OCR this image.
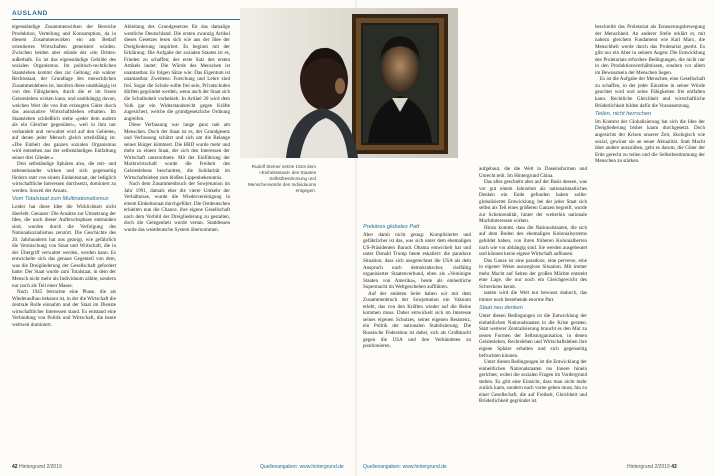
AUSLAND

eigenständige Zusammenwirken der Bereiche Produktion, Verteilung und Konsumption, da in diesem Zusammenwirken ein am Bedarf orientiertes Wirtschaften gemeistert würden. Zwischen beiden aber stünde der ›ein Dritter‹ außerhalb. Es ist das eigenständige Gebilde des sozialen Organismus. Im politisch-rechtlichen Staatsleben kommt dies zur Geltung; ein wahrer Rechtsstaat, der Grundlage des menschlichen Zusammenlebens ist, insofern diese unabhängig ist von den Fähigkeiten, durch die er im freien Geistesleben wirken kann, und unabhängig davon, welchen Wert die von ihm erzeugten Güter durch das assoziative Wirtschaftsleben erhalten. Im Staatsleben schließlich stehe »jeder dem andern als ein Gleicher gegenüber«, weil in ihm nur verhandelt und verwaltet wird auf den Gebieten, auf denen jeder Mensch gleich urteilsfähig ist. »Die Einheit des ganzen sozialen Organismus wird entstehen aus der selbstständigen Entfaltung seiner drei Glieder.«

Drei selbständige Sphären also, die mit- und nebeneinander wirken und sich gegenseitig fördern statt von einem Einheitsstaat, der lediglich wirtschaftliche Interessen durchsetzt, dominiert zu werden. Soweit der Ansatz.

Vom Totalstaat zum Multinationalismus

Leider hat diese Idee die Wirklichkeit nicht überlebt. Genauer: Die Ansätze zur Umsetzung der Idee, die nach dieser Aufbruchsphase entstanden sind, wurden durch die Verfolgung des Nationalsozialismus zerstört. Die Geschichte des 20. Jahrhunderts hat uns gezeigt, wie gefährlich die Vermischung von Staat und Wirtschaft, die in der Übergriff verwaltet werden, werden kann. Es entwickelte sich das genaue Gegenteil von dem, was die Dreigliederung der Gesellschaft gefordert hatte: Der Staat wurde zum Totalstaat, in dem der Mensch nicht mehr als Individuum zählte, sondern nur noch als Teil einer Masse.

Nach 1945 betrachte eine Phase, die als Wiederaufbau bekannt ist, in der die Wirtschaft die zentrale Rolle einnahm und der Staat im Dienste wirtschaftlicher Interessen stand. Es entstand eine Verbindung von Politik und Wirtschaft, die heute weltweit dominiert.

Ableitung des Grundgesetzes für das damalige westliche Deutschland. Die ersten zwanzig Artikel dieses Gesetzes lesen sich wie aus der Idee der Dreigliederung inspiriert. Es beginnt mit der Erklärung: Die Aufgabe der sozialen Staates ist es, Frieden zu schaffen; der erste Satz des ersten Artikels lautet: Die Würde des Menschen ist unantastbar. Es folgen Sätze wie: Das Eigentum ist unantastbar. Zweitens: Forschung und Lehre sind frei. Sogar die Schule sollte frei sein, Privatschulen dürften gegründet werden, wenn auch der Staat sich die Schulhoheit vorbehielt. In Artikel 20 wird dem Volk gar ein Widerstandsrecht gegen Kräfte zugesichert, welche die grundgesetzliche Ordnung angreifen.

Diese Verfassung war lange ganz nah am Menschen. Doch der Staat ist es, der Grundgesetz und Verfassung schützt und sich um die Belange seiner Bürger kümmert. Die BRD wurde mehr und mehr zu einem Staat, der sich den Interessen der Wirtschaft unterordnete. Mit der Einführung der Marktwirtschaft wurde die Freiheit des Geisteslebens beschnitten, die Solidarität im Wirtschaftsleben zum bloßen Lippenbekenntnis.

Nach dem Zusammenbruch der Sowjetunion im Jahr 1991, damals eher die vierte Umkehr der Verhältnisse, wurde die Wiedervereinigung in einem Einheitsstaat durchgeführt. Die Ostdeutschen erhielten nun die Chance, ihre eigene Gesellschaft nach dem Vorbild der Dreigliederung zu gestalten, doch die Gelegenheit wurde vertan. Stattdessen wurde das westdeutsche System übernommen.

42 Hintergrund 2/2019	Quellenangaben: www.hintergrund.de
Rudolf Steiner setzte 1919 dem »Einheitsstaat« des Staates Selbstbestimmung und Menschenwürde des Individuums entgegen.
Prekäres globales Patt

Aber damit nicht genug: Komplizierter und gefährlicher ist das, was sich unter dem ehemaligen US-Präsidenten Barack Obama entwickelt hat und unter Donald Trump heute eskaliert: die paradoxe Situation, dass sich ausgerechnet die USA als dem Anspruch nach demokratischer, vielfältig organisierter Staatenverbund, eben als »Vereinigte Staaten von Amerika«, heute als einheitliche Supermacht im Weltgeschehen aufführen.

Auf der anderen Seite haben wir mit dem Zusammenbruch der Sowjetunion ein Vakuum erlebt, das von den Kräften wieder auf die Beine kommen muss. Daher entwickelt sich im Interesse seines eigenen Schutzes, seiner eigenen Resistenz, ein Politik der nationalen Stabilisierung. Die Russische Föderation ist dabei, sich als Großmacht gegen die USA und ihre Verbündeten zu positionieren.

aufgebaut, die die Welt in Daseinsformen und Unrecht teilt. Im Hintergrund China.

Das alles geschieht aber auf der Basis dessen, was vor gut einem Jahrzehnt als nationalstaatliches Denken ein Ende gefunden haben sollte: globalisierter Entwicklung, bei der jeder Staat sich selbst als Teil eines größeren Ganzen begreift, wurde zur Scheinrealität, hinter der weiterhin nationale Machtinteressen wirken.

Hinzu kommt, dass die Nationalstaaten, die sich auf dem Boden des ehemaligen Kolonialsystems gebildet haben, von ihren früheren Kolonialherren nach wie vor abhängig sind. Sie werden ausgebeutet und können keine eigene Wirtschaft aufbauen.

Das Ganze ist eine paradoxe, eine perverse, eine in eigener Weise ausweglose Situation. Mit immer mehr Macht auf Seiten der großen Mächte entsteht eine Lage, die nur noch ein Gleichgewicht des Schreckens kennt.

tanten wird die Welt nur bewusst dadurch, das immer noch bestehende enorme Patt.

Staat neu denken

Unter diesen Bedingungen ist die Entwicklung der einheitlichen Nationalstaaten in die Krise geraten. Statt weiterer Zentralisierung braucht es den Mut zu neuen Formen der Selbstorganisation, in denen Geistesleben, Rechtsleben und Wirtschaftsleben ihre eigene Sphäre erhalten und sich gegenseitig befruchten können.

Unter diesen Bedingungen ist die Entwicklung der einheitlichen Nationalstaaten ins Innere hinein gerichtet, wobei die sozialen Fragen im Vordergrund stehen. Es gibt eine Einsicht, dass man nicht mehr zurück kann, sondern nach vorne gehen muss, hin zu einer Gesellschaft, die auf Freiheit, Gleichheit und Brüderlichkeit gegründet ist.

beschreibt das Proletariat als Erneuerungsbewegung der Menschheit. An anderer Stelle erklärt er, mit nahezu gleichem Fundament wie Karl Marx, die Menschheit werde durch das Proletariat geerbt. Es gibt nur ein Aber in seinem Augen: Die Entwicklung des Proletariats erfordere Bedingungen, die nicht nur in den Produktionsverhältnissen, sondern vor allem im Bewusstsein der Menschen liegen.

Es ist die Aufgabe der Menschen, eine Gesellschaft zu schaffen, in der jeder Einzelne in seiner Würde geachtet wird und seine Fähigkeiten frei entfalten kann. Rechtliche Gleichheit und wirtschaftliche Brüderlichkeit bilden dafür die Voraussetzung.

Teilen, nicht herrschen

Im Kontext der Globalisierung hat sich die Idee der Dreigliederung bisher kaum durchgesetzt. Doch angesichts der Krisen unserer Zeit, ökologisch wie sozial, gewinnt sie an neuer Aktualität. Statt Macht über andere auszuüben, geht es darum, die Güter der Erde gerecht zu teilen und die Selbstbestimmung der Menschen zu stärken.

Quellenangaben: www.hintergrund.de	Hintergrund 2/2019 43
